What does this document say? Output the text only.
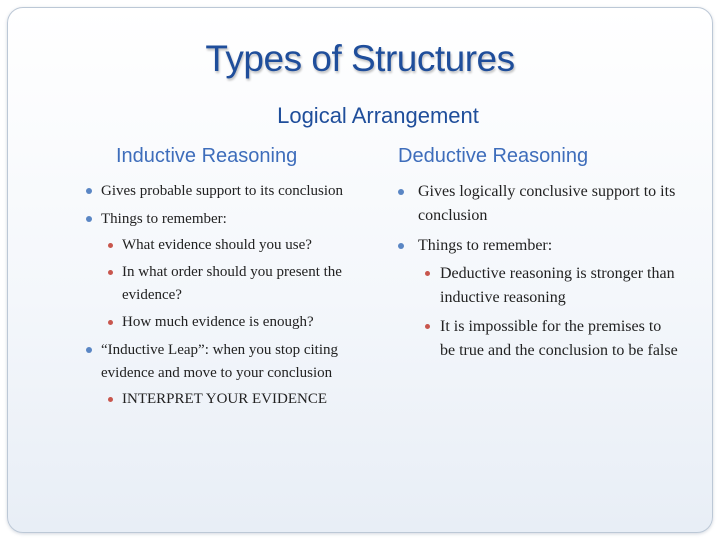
Types of Structures
Logical Arrangement
Inductive Reasoning	Deductive Reasoning
Gives probable support to its conclusion
Things to remember:
What evidence should you use?
In what order should you present the evidence?
How much evidence is enough?
“Inductive Leap”: when you stop citing evidence and move to your conclusion
INTERPRET YOUR EVIDENCE
Gives logically conclusive support to its conclusion
Things to remember:
Deductive reasoning is stronger than inductive reasoning
It is impossible for the premises to be true and the conclusion to be false
